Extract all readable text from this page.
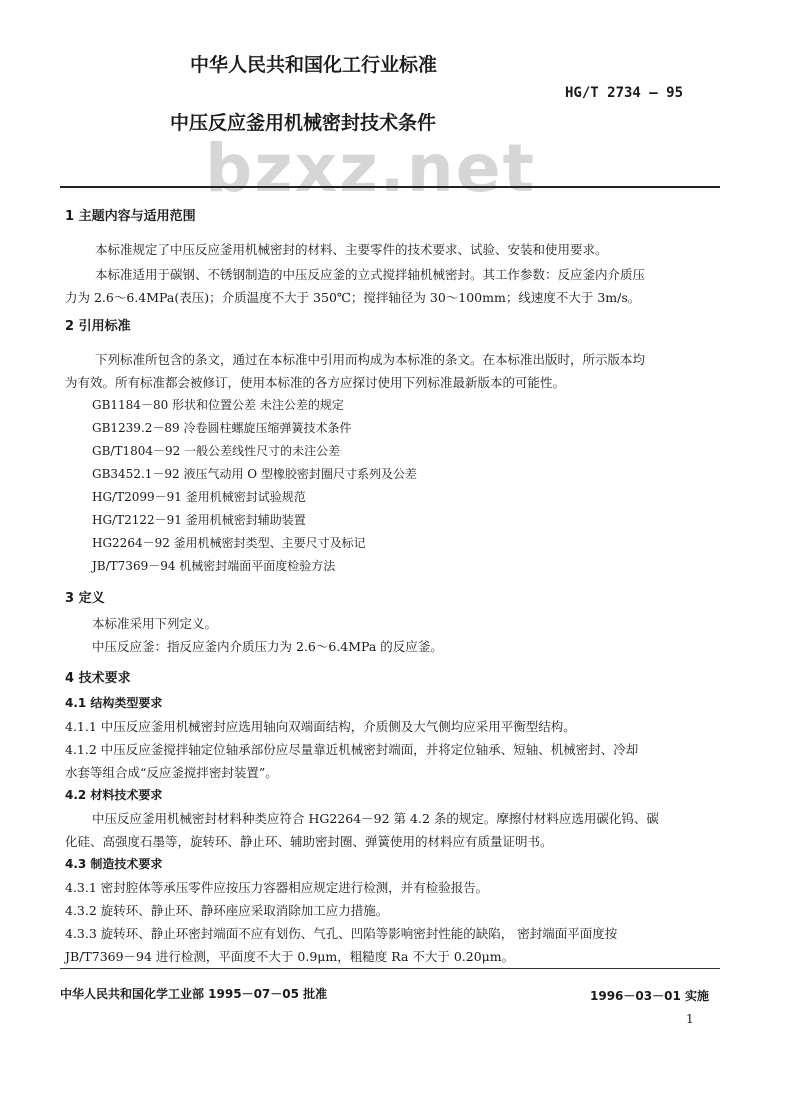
中华人民共和国化工行业标准
HG/T 2734 — 95
中压反应釜用机械密封技术条件
bzxz.net
1 主题内容与适用范围
本标准规定了中压反应釜用机械密封的材料、主要零件的技术要求、试验、安装和使用要求。
本标准适用于碳钢、不锈钢制造的中压反应釜的立式搅拌轴机械密封。其工作参数：反应釜内介质压
力为 2.6～6.4MPa(表压)；介质温度不大于 350℃；搅拌轴径为 30～100mm；线速度不大于 3m/s。
2 引用标准
下列标准所包含的条文，通过在本标准中引用而构成为本标准的条文。在本标准出版时，所示版本均
为有效。所有标准都会被修订，使用本标准的各方应探讨使用下列标准最新版本的可能性。
GB1184－80 形状和位置公差 未注公差的规定
GB1239.2－89 冷卷圆柱螺旋压缩弹簧技术条件
GB/T1804－92 一般公差线性尺寸的未注公差
GB3452.1－92 液压气动用 O 型橡胶密封圈尺寸系列及公差
HG/T2099－91 釜用机械密封试验规范
HG/T2122－91 釜用机械密封辅助装置
HG2264－92 釜用机械密封类型、主要尺寸及标记
JB/T7369－94 机械密封端面平面度检验方法
3 定义
本标准采用下列定义。
中压反应釜：指反应釜内介质压力为 2.6～6.4MPa 的反应釜。
4 技术要求
4.1 结构类型要求
4.1.1 中压反应釜用机械密封应选用轴向双端面结构，介质侧及大气侧均应采用平衡型结构。
4.1.2 中压反应釜搅拌轴定位轴承部份应尽量靠近机械密封端面，并将定位轴承、短轴、机械密封、冷却
水套等组合成“反应釜搅拌密封装置”。
4.2 材料技术要求
中压反应釜用机械密封材料种类应符合 HG2264－92 第 4.2 条的规定。摩擦付材料应选用碳化钨、碳
化硅、高强度石墨等，旋转环、静止环、辅助密封圈、弹簧使用的材料应有质量证明书。
4.3 制造技术要求
4.3.1 密封腔体等承压零件应按压力容器相应规定进行检测，并有检验报告。
4.3.2 旋转环、静止环、静环座应采取消除加工应力措施。
4.3.3 旋转环、静止环密封端面不应有划伤、气孔、凹陷等影响密封性能的缺陷， 密封端面平面度按
JB/T7369－94 进行检测，平面度不大于 0.9μm，粗糙度 Ra 不大于 0.20μm。
中华人民共和国化学工业部 1995－07－05 批准	1996－03－01 实施
1
